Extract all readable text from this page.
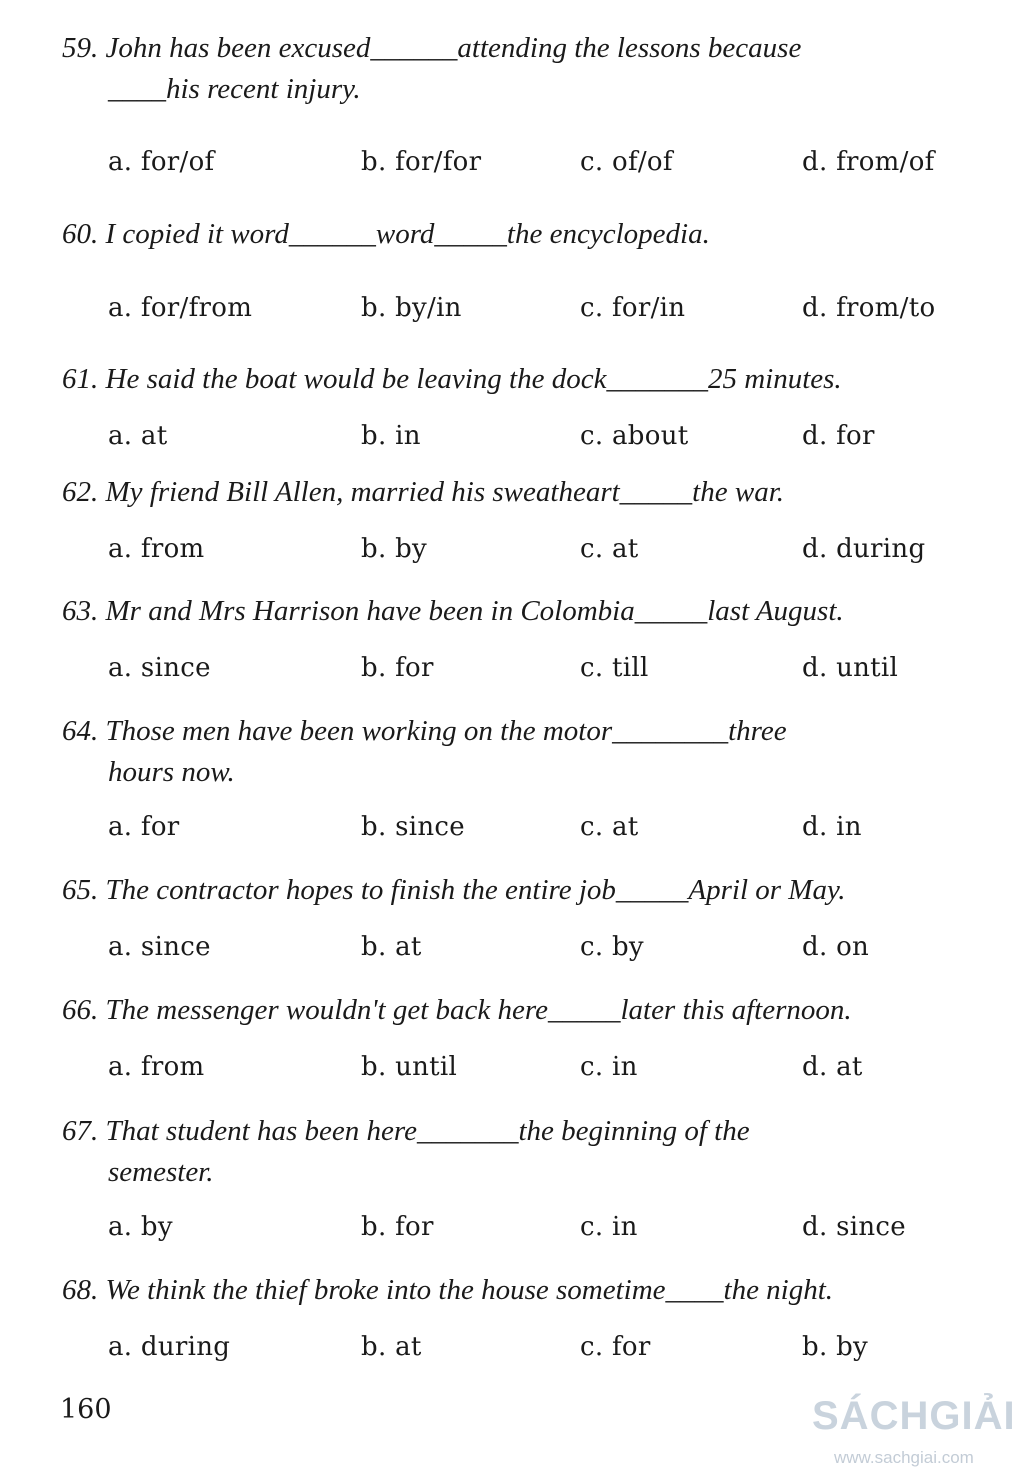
59. John has been excused______attending the lessons because
____his recent injury.
a. for/of	b. for/for	c. of/of	d. from/of
60. I copied it word______word_____the encyclopedia.
a. for/from	b. by/in	c. for/in	d. from/to
61. He said the boat would be leaving the dock_______25 minutes.
a. at	b. in	c. about	d. for
62. My friend Bill Allen, married his sweatheart_____the war.
a. from	b. by	c. at	d. during
63. Mr and Mrs Harrison have been in Colombia_____last August.
a. since	b. for	c. till	d. until
64. Those men have been working on the motor________three
hours now.
a. for	b. since	c. at	d. in
65. The contractor hopes to finish the entire job_____April or May.
a. since	b. at	c. by	d. on
66. The messenger wouldn't get back here_____later this afternoon.
a. from	b. until	c. in	d. at
67. That student has been here_______the beginning of the
semester.
a. by	b. for	c. in	d. since
68. We think the thief broke into the house sometime____the night.
a. during	b. at	c. for	b. by
160	SÁCHGIẢI
www.sachgiai.com
